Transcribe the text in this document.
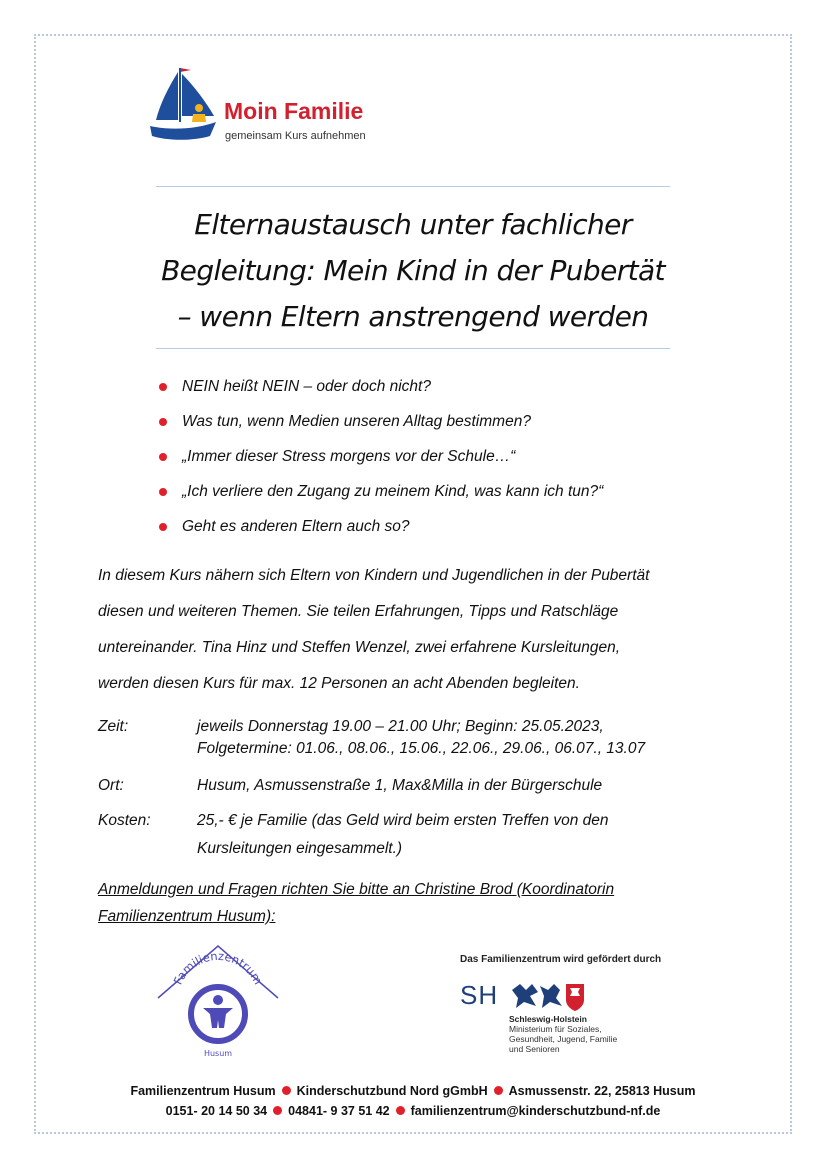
Moin Familie
gemeinsam Kurs aufnehmen
Elternaustausch unter fachlicher
Begleitung: Mein Kind in der Pubertät
– wenn Eltern anstrengend werden
NEIN heißt NEIN – oder doch nicht?
Was tun, wenn Medien unseren Alltag bestimmen?
„Immer dieser Stress morgens vor der Schule…“
„Ich verliere den Zugang zu meinem Kind, was kann ich tun?“
Geht es anderen Eltern auch so?
In diesem Kurs nähern sich Eltern von Kindern und Jugendlichen in der Pubertät
diesen und weiteren Themen. Sie teilen Erfahrungen, Tipps und Ratschläge
untereinander. Tina Hinz und Steffen Wenzel, zwei erfahrene Kursleitungen,
werden diesen Kurs für max. 12 Personen an acht Abenden begleiten.
Zeit:	jeweils Donnerstag 19.00 – 21.00 Uhr; Beginn: 25.05.2023,
Folgetermine: 01.06., 08.06., 15.06., 22.06., 29.06., 06.07., 13.07
Ort:	Husum, Asmussenstraße 1, Max&Milla in der Bürgerschule
Kosten:	25,- € je Familie (das Geld wird beim ersten Treffen von den
Kursleitungen eingesammelt.)
Anmeldungen und Fragen richten Sie bitte an Christine Brod (Koordinatorin
Familienzentrum Husum):
Familienzentrum
Husum
Das Familienzentrum wird gefördert durch
SH
Schleswig-Holstein
Ministerium für Soziales,
Gesundheit, Jugend, Familie
und Senioren
Familienzentrum Husum Kinderschutzbund Nord gGmbH Asmussenstr. 22, 25813 Husum
0151- 20 14 50 34 04841- 9 37 51 42 familienzentrum@kinderschutzbund-nf.de
